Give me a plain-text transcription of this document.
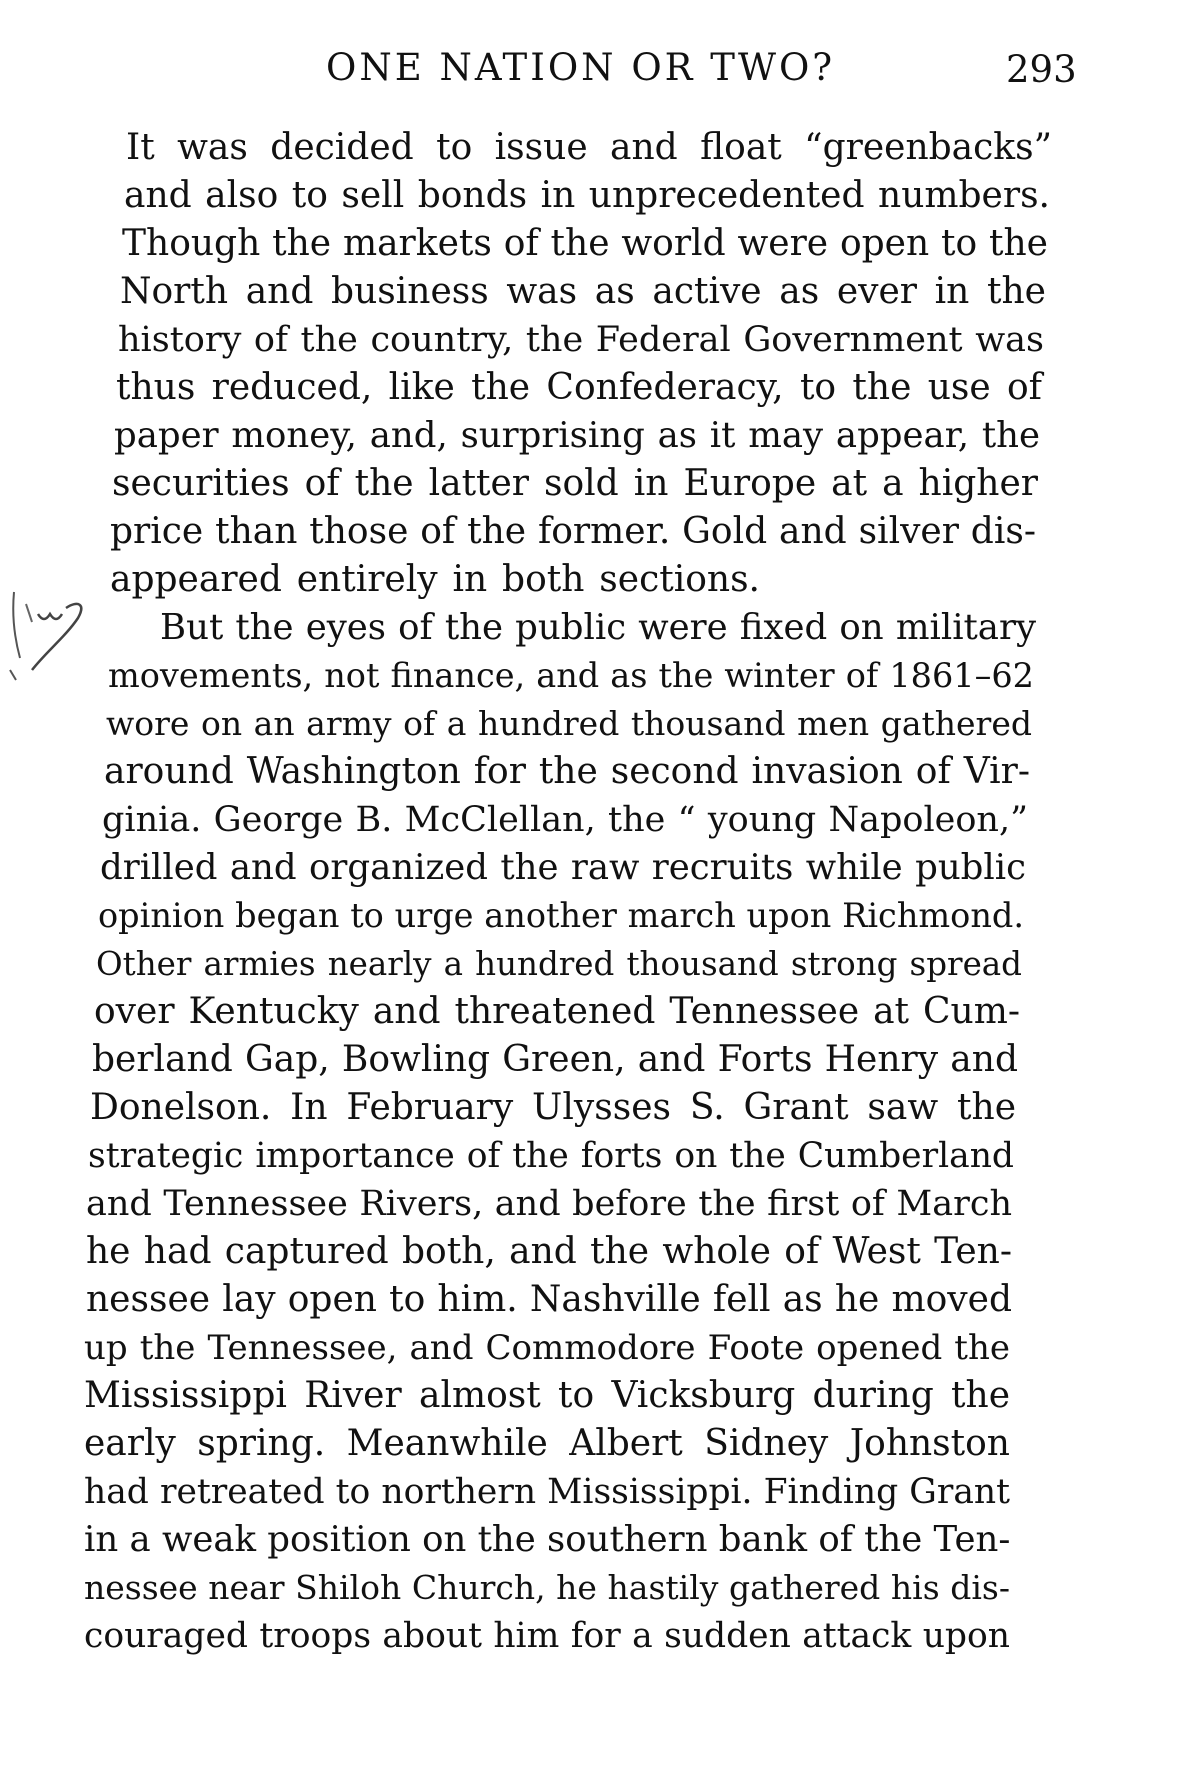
ONE NATION OR TWO?	293
It was decided to issue and float “greenbacks”
and also to sell bonds in unprecedented numbers.
Though the markets of the world were open to the
North and business was as active as ever in the
history of the country, the Federal Government was
thus reduced, like the Confederacy, to the use of
paper money, and, surprising as it may appear, the
securities of the latter sold in Europe at a higher
price than those of the former. Gold and silver dis-
appeared entirely in both sections.
But the eyes of the public were fixed on military
movements, not finance, and as the winter of 1861–62
wore on an army of a hundred thousand men gathered
around Washington for the second invasion of Vir-
ginia. George B. McClellan, the “ young Napoleon,”
drilled and organized the raw recruits while public
opinion began to urge another march upon Richmond.
Other armies nearly a hundred thousand strong spread
over Kentucky and threatened Tennessee at Cum-
berland Gap, Bowling Green, and Forts Henry and
Donelson. In February Ulysses S. Grant saw the
strategic importance of the forts on the Cumberland
and Tennessee Rivers, and before the first of March
he had captured both, and the whole of West Ten-
nessee lay open to him. Nashville fell as he moved
up the Tennessee, and Commodore Foote opened the
Mississippi River almost to Vicksburg during the
early spring. Meanwhile Albert Sidney Johnston
had retreated to northern Mississippi. Finding Grant
in a weak position on the southern bank of the Ten-
nessee near Shiloh Church, he hastily gathered his dis-
couraged troops about him for a sudden attack upon
